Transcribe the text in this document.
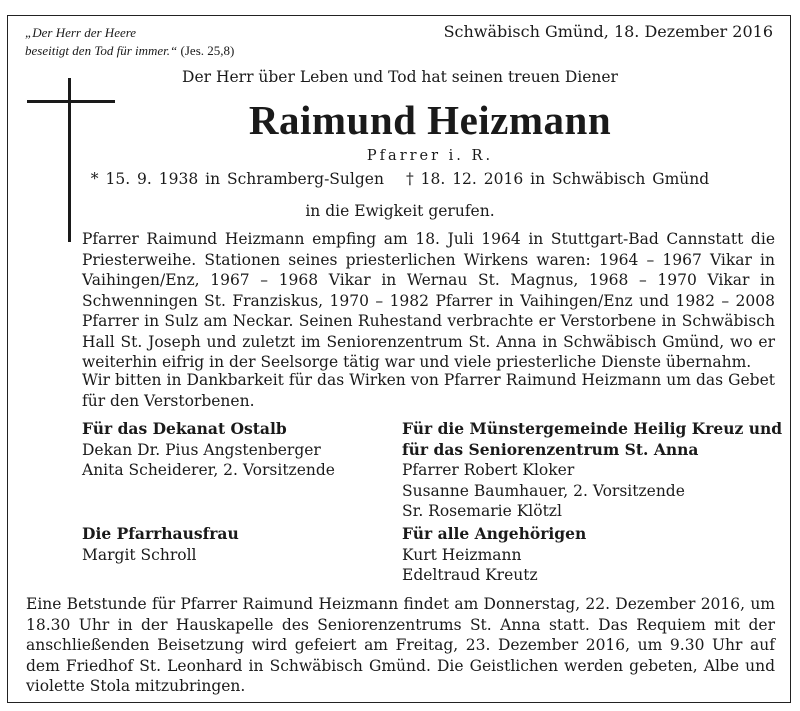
„Der Herr der Heere
beseitigt den Tod für immer.“ (Jes. 25,8)
Schwäbisch Gmünd, 18. Dezember 2016
Der Herr über Leben und Tod hat seinen treuen Diener
Raimund Heizmann
Pfarrer i. R.
* 15. 9. 1938 in Schramberg-Sulgen † 18. 12. 2016 in Schwäbisch Gmünd
in die Ewigkeit gerufen.

Pfarrer Raimund Heizmann empfing am 18. Juli 1964 in Stuttgart-Bad Cannstatt die Priesterweihe. Stationen seines priesterlichen Wirkens waren: 1964 – 1967 Vikar in Vaihingen/Enz, 1967 – 1968 Vikar in Wernau St. Magnus, 1968 – 1970 Vikar in Schwenningen St. Franziskus, 1970 – 1982 Pfarrer in Vaihingen/Enz und 1982 – 2008 Pfarrer in Sulz am Neckar. Seinen Ruhestand verbrachte er Verstorbene in Schwäbisch Hall St. Joseph und zuletzt im Seniorenzentrum St. Anna in Schwäbisch Gmünd, wo er weiterhin eifrig in der Seelsorge tätig war und viele priesterliche Dienste übernahm.

Wir bitten in Dankbarkeit für das Wirken von Pfarrer Raimund Heizmann um das Gebet für den Verstorbenen.

Für das Dekanat Ostalb
Dekan Dr. Pius Angstenberger
Anita Scheiderer, 2. Vorsitzende
Für die Münstergemeinde Heilig Kreuz und
für das Seniorenzentrum St. Anna
Pfarrer Robert Kloker
Susanne Baumhauer, 2. Vorsitzende
Sr. Rosemarie Klötzl
Die Pfarrhausfrau
Margit Schroll
Für alle Angehörigen
Kurt Heizmann
Edeltraud Kreutz

Eine Betstunde für Pfarrer Raimund Heizmann findet am Donnerstag, 22. Dezember 2016, um 18.30 Uhr in der Hauskapelle des Seniorenzentrums St. Anna statt. Das Requiem mit der anschließenden Beisetzung wird gefeiert am Freitag, 23. Dezember 2016, um 9.30 Uhr auf dem Friedhof St. Leonhard in Schwäbisch Gmünd. Die Geistlichen werden gebeten, Albe und violette Stola mitzubringen.
